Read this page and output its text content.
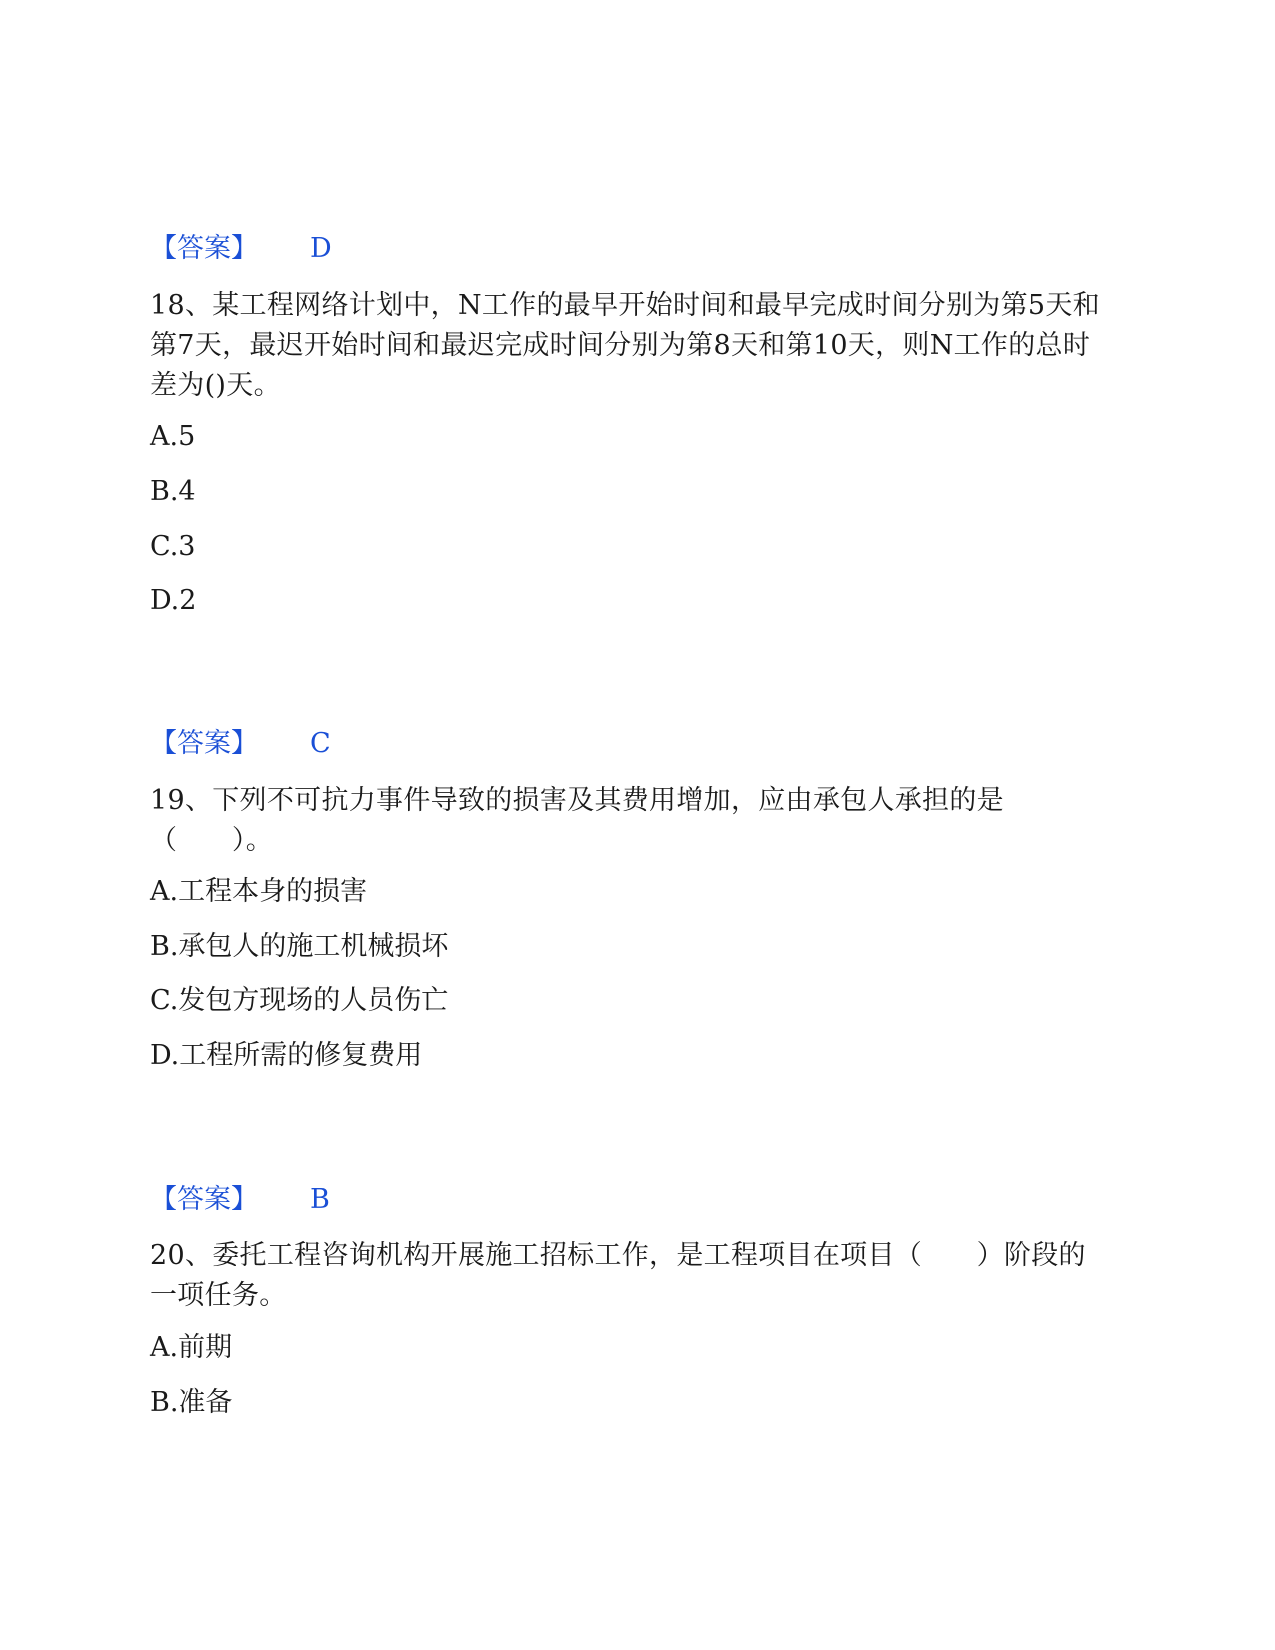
【答案】 D
18、某工程网络计划中，N工作的最早开始时间和最早完成时间分别为第5天和第7天，最迟开始时间和最迟完成时间分别为第8天和第10天，则N工作的总时差为()天。
A.5
B.4
C.3
D.2
【答案】 C
19、下列不可抗力事件导致的损害及其费用增加，应由承包人承担的是（　　）。
A.工程本身的损害
B.承包人的施工机械损坏
C.发包方现场的人员伤亡
D.工程所需的修复费用
【答案】 B
20、委托工程咨询机构开展施工招标工作，是工程项目在项目（　　）阶段的一项任务。
A.前期
B.准备
